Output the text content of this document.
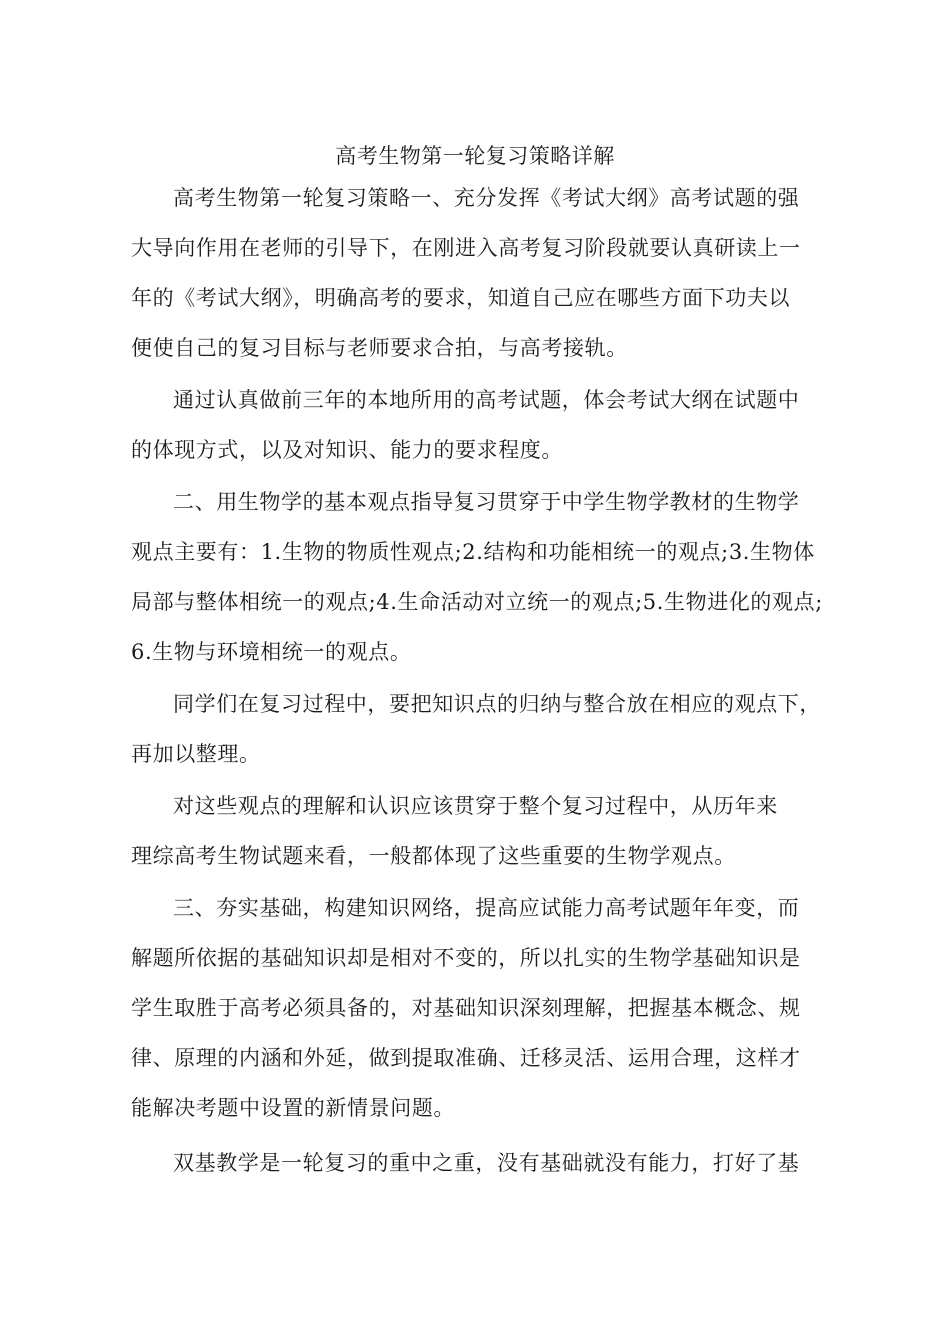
高考生物第一轮复习策略详解
高考生物第一轮复习策略一、充分发挥《考试大纲》高考试题的强
大导向作用在老师的引导下，在刚进入高考复习阶段就要认真研读上一
年的《考试大纲》，明确高考的要求，知道自己应在哪些方面下功夫以
便使自己的复习目标与老师要求合拍，与高考接轨。
通过认真做前三年的本地所用的高考试题，体会考试大纲在试题中
的体现方式，以及对知识、能力的要求程度。
二、用生物学的基本观点指导复习贯穿于中学生物学教材的生物学
观点主要有：1.生物的物质性观点;2.结构和功能相统一的观点;3.生物体
局部与整体相统一的观点;4.生命活动对立统一的观点;5.生物进化的观点;
6.生物与环境相统一的观点。
同学们在复习过程中，要把知识点的归纳与整合放在相应的观点下，
再加以整理。
对这些观点的理解和认识应该贯穿于整个复习过程中，从历年来
理综高考生物试题来看，一般都体现了这些重要的生物学观点。
三、夯实基础，构建知识网络，提高应试能力高考试题年年变，而
解题所依据的基础知识却是相对不变的，所以扎实的生物学基础知识是
学生取胜于高考必须具备的，对基础知识深刻理解，把握基本概念、规
律、原理的内涵和外延，做到提取准确、迁移灵活、运用合理，这样才
能解决考题中设置的新情景问题。
双基教学是一轮复习的重中之重，没有基础就没有能力，打好了基
